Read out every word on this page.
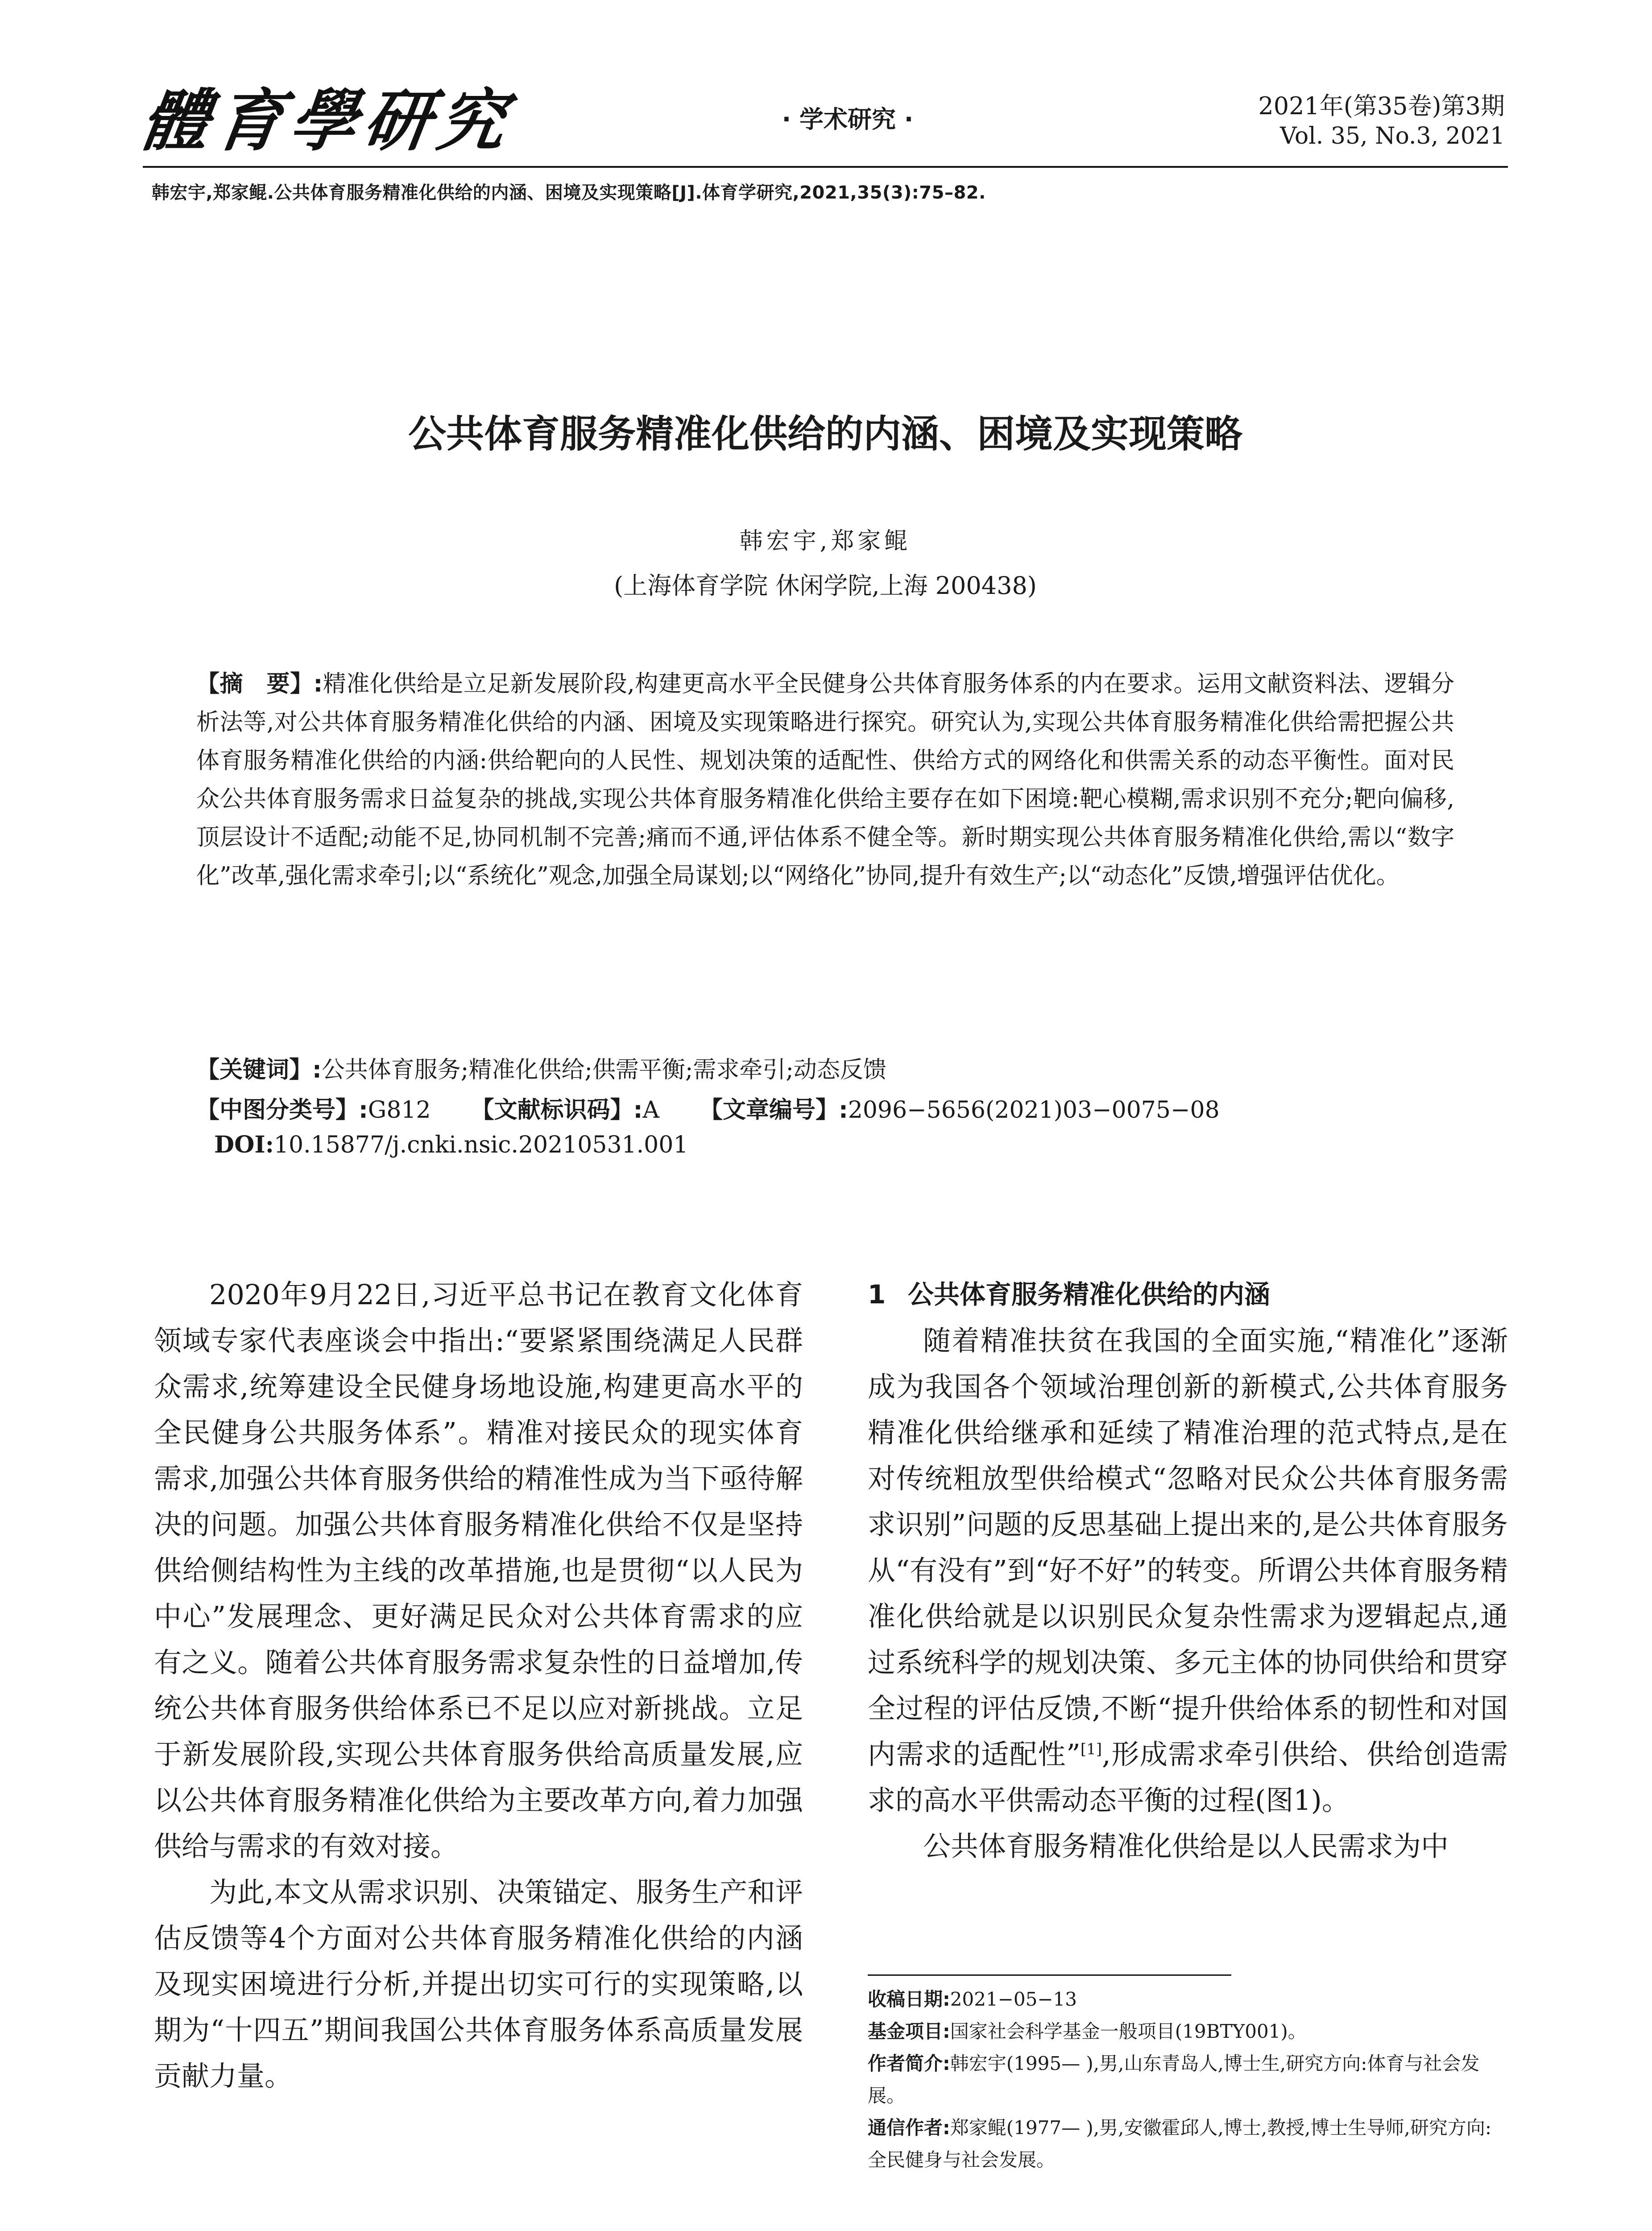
體育學研究	· 学术研究 ·	2021年(第35卷)第3期
Vol. 35, No.3, 2021
韩宏宇,郑家鲲.公共体育服务精准化供给的内涵、困境及实现策略[J].体育学研究,2021,35(3):75–82.
公共体育服务精准化供给的内涵、困境及实现策略
韩宏宇,郑家鲲
(上海体育学院 休闲学院,上海 200438)
【摘　要】:精准化供给是立足新发展阶段,构建更高水平全民健身公共体育服务体系的内在要求。运用文献资料法、逻辑分析法等,对公共体育服务精准化供给的内涵、困境及实现策略进行探究。研究认为,实现公共体育服务精准化供给需把握公共体育服务精准化供给的内涵:供给靶向的人民性、规划决策的适配性、供给方式的网络化和供需关系的动态平衡性。面对民众公共体育服务需求日益复杂的挑战,实现公共体育服务精准化供给主要存在如下困境:靶心模糊,需求识别不充分;靶向偏移,顶层设计不适配;动能不足,协同机制不完善;痛而不通,评估体系不健全等。新时期实现公共体育服务精准化供给,需以“数字化”改革,强化需求牵引;以“系统化”观念,加强全局谋划;以“网络化”协同,提升有效生产;以“动态化”反馈,增强评估优化。
【关键词】:公共体育服务;精准化供给;供需平衡;需求牵引;动态反馈
【中图分类号】:G812 【文献标识码】:A 【文章编号】:2096−5656(2021)03−0075−08
DOI:10.15877/j.cnki.nsic.20210531.001

2020年9月22日,习近平总书记在教育文化体育领域专家代表座谈会中指出:“要紧紧围绕满足人民群众需求,统筹建设全民健身场地设施,构建更高水平的全民健身公共服务体系”。精准对接民众的现实体育需求,加强公共体育服务供给的精准性成为当下亟待解决的问题。加强公共体育服务精准化供给不仅是坚持供给侧结构性为主线的改革措施,也是贯彻“以人民为中心”发展理念、更好满足民众对公共体育需求的应有之义。随着公共体育服务需求复杂性的日益增加,传统公共体育服务供给体系已不足以应对新挑战。立足于新发展阶段,实现公共体育服务供给高质量发展,应以公共体育服务精准化供给为主要改革方向,着力加强供给与需求的有效对接。

为此,本文从需求识别、决策锚定、服务生产和评估反馈等4个方面对公共体育服务精准化供给的内涵及现实困境进行分析,并提出切实可行的实现策略,以期为“十四五”期间我国公共体育服务体系高质量发展贡献力量。

1 公共体育服务精准化供给的内涵

随着精准扶贫在我国的全面实施,“精准化”逐渐成为我国各个领域治理创新的新模式,公共体育服务精准化供给继承和延续了精准治理的范式特点,是在对传统粗放型供给模式“忽略对民众公共体育服务需求识别”问题的反思基础上提出来的,是公共体育服务从“有没有”到“好不好”的转变。所谓公共体育服务精准化供给就是以识别民众复杂性需求为逻辑起点,通过系统科学的规划决策、多元主体的协同供给和贯穿全过程的评估反馈,不断“提升供给体系的韧性和对国内需求的适配性”[1],形成需求牵引供给、供给创造需求的高水平供需动态平衡的过程(图1)。

公共体育服务精准化供给是以人民需求为中

收稿日期:2021−05−13

基金项目:国家社会科学基金一般项目(19BTY001)。

作者简介:韩宏宇(1995— ),男,山东青岛人,博士生,研究方向:体育与社会发展。

通信作者:郑家鲲(1977— ),男,安徽霍邱人,博士,教授,博士生导师,研究方向:全民健身与社会发展。
